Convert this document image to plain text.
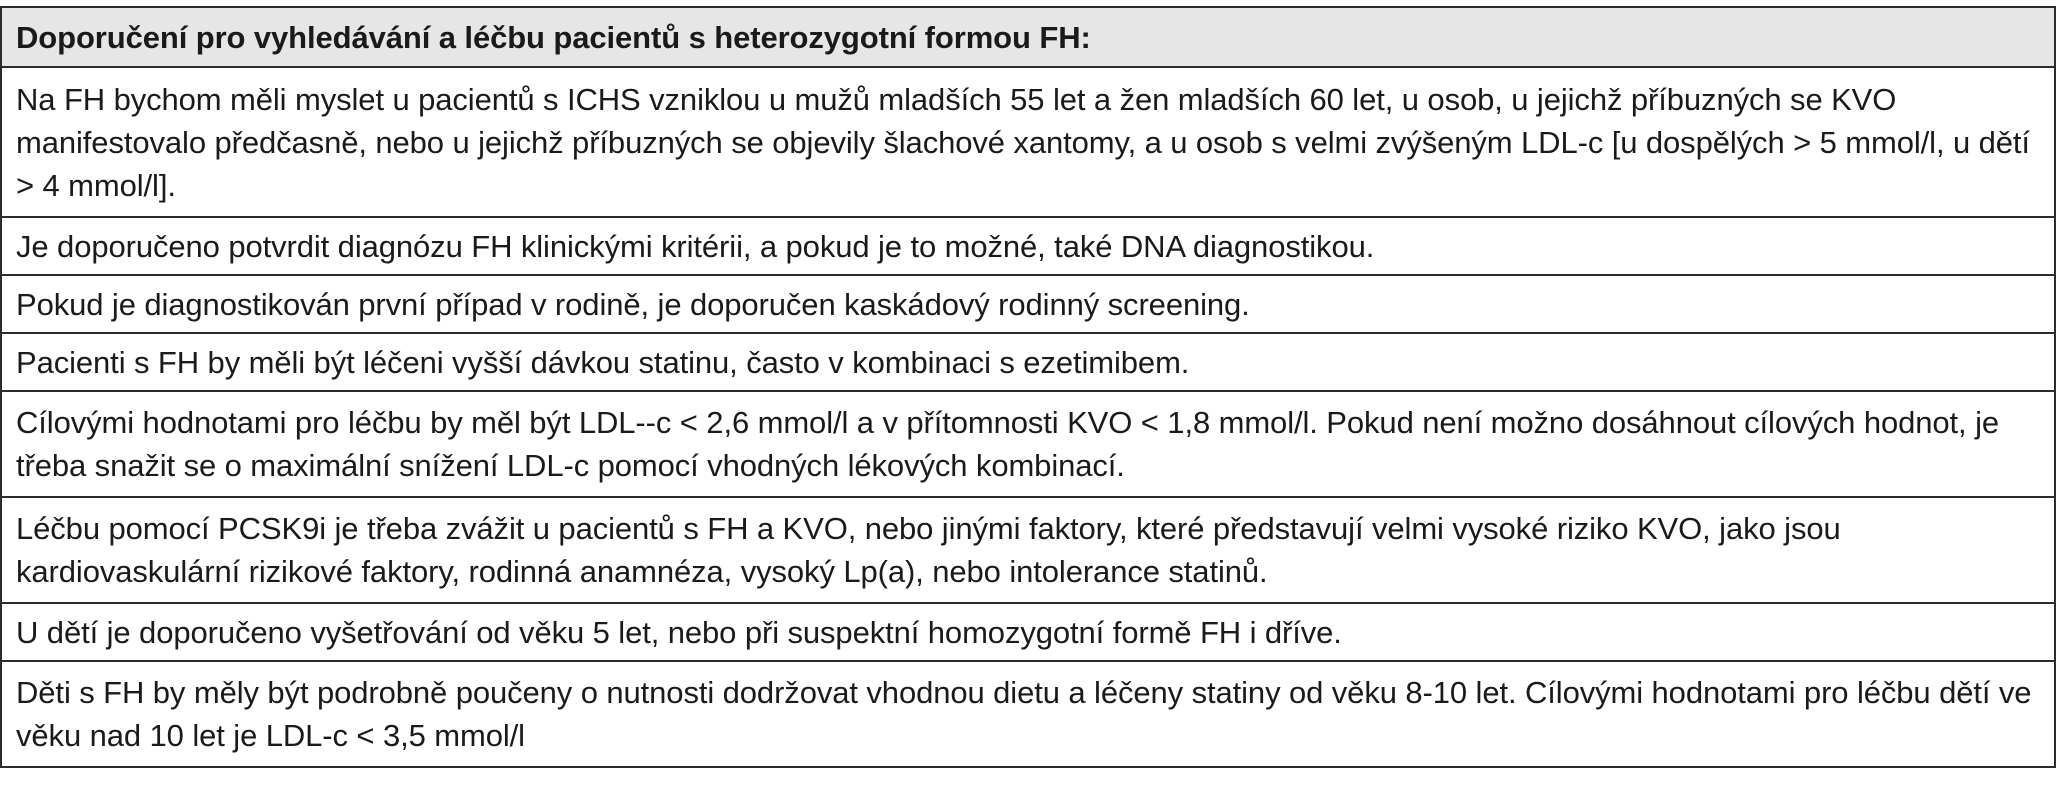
Doporučení pro vyhledávání a léčbu pacientů s heterozygotní formou FH:
Na FH bychom měli myslet u pacientů s ICHS vzniklou u mužů mladších 55 let a žen mladších 60 let, u osob, u jejichž příbuzných se KVO manifestovalo předčasně, nebo u jejichž příbuzných se objevily šlachové xantomy, a u osob s velmi zvýšeným LDL-c [u dospělých > 5 mmol/l, u dětí > 4 mmol/l].
Je doporučeno potvrdit diagnózu FH klinickými kritérii, a pokud je to možné, také DNA diagnostikou.
Pokud je diagnostikován první případ v rodině, je doporučen kaskádový rodinný screening.
Pacienti s FH by měli být léčeni vyšší dávkou statinu, často v kombinaci s ezetimibem.
Cílovými hodnotami pro léčbu by měl být LDL--c < 2,6 mmol/l a v přítomnosti KVO < 1,8 mmol/l. Pokud není možno dosáhnout cílových hodnot, je třeba snažit se o maximální snížení LDL-c pomocí vhodných lékových kombinací.
Léčbu pomocí PCSK9i je třeba zvážit u pacientů s FH a KVO, nebo jinými faktory, které představují velmi vysoké riziko KVO, jako jsou kardiovaskulární rizikové faktory, rodinná anamnéza, vysoký Lp(a), nebo intolerance statinů.
U dětí je doporučeno vyšetřování od věku 5 let, nebo při suspektní homozygotní formě FH i dříve.
Děti s FH by měly být podrobně poučeny o nutnosti dodržovat vhodnou dietu a léčeny statiny od věku 8-10 let. Cílovými hodnotami pro léčbu dětí ve věku nad 10 let je LDL-c < 3,5 mmol/l
